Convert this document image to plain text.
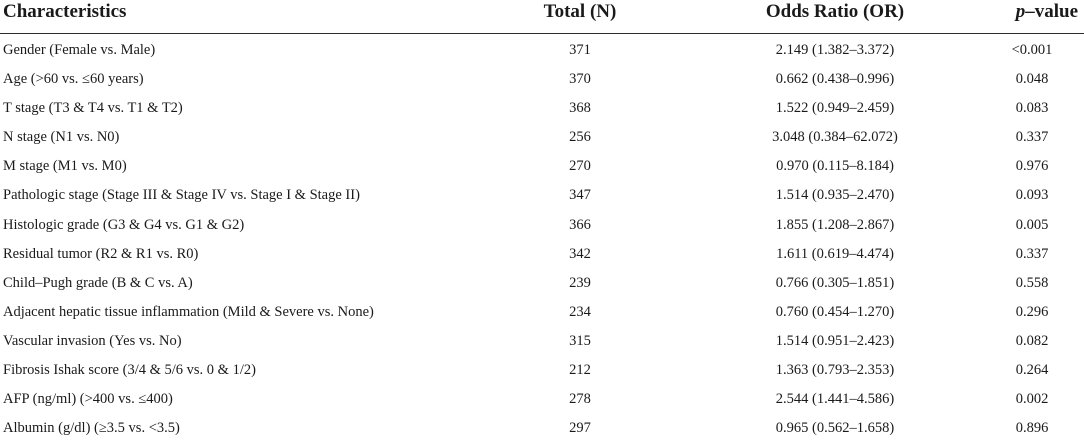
Characteristics	Total (N)	Odds Ratio (OR)	p–value
Gender (Female vs. Male)	371	2.149 (1.382–3.372)	<0.001
Age (>60 vs. ≤60 years)	370	0.662 (0.438–0.996)	0.048
T stage (T3 & T4 vs. T1 & T2)	368	1.522 (0.949–2.459)	0.083
N stage (N1 vs. N0)	256	3.048 (0.384–62.072)	0.337
M stage (M1 vs. M0)	270	0.970 (0.115–8.184)	0.976
Pathologic stage (Stage III & Stage IV vs. Stage I & Stage II)	347	1.514 (0.935–2.470)	0.093
Histologic grade (G3 & G4 vs. G1 & G2)	366	1.855 (1.208–2.867)	0.005
Residual tumor (R2 & R1 vs. R0)	342	1.611 (0.619–4.474)	0.337
Child–Pugh grade (B & C vs. A)	239	0.766 (0.305–1.851)	0.558
Adjacent hepatic tissue inflammation (Mild & Severe vs. None)	234	0.760 (0.454–1.270)	0.296
Vascular invasion (Yes vs. No)	315	1.514 (0.951–2.423)	0.082
Fibrosis Ishak score (3/4 & 5/6 vs. 0 & 1/2)	212	1.363 (0.793–2.353)	0.264
AFP (ng/ml) (>400 vs. ≤400)	278	2.544 (1.441–4.586)	0.002
Albumin (g/dl) (≥3.5 vs. <3.5)	297	0.965 (0.562–1.658)	0.896
